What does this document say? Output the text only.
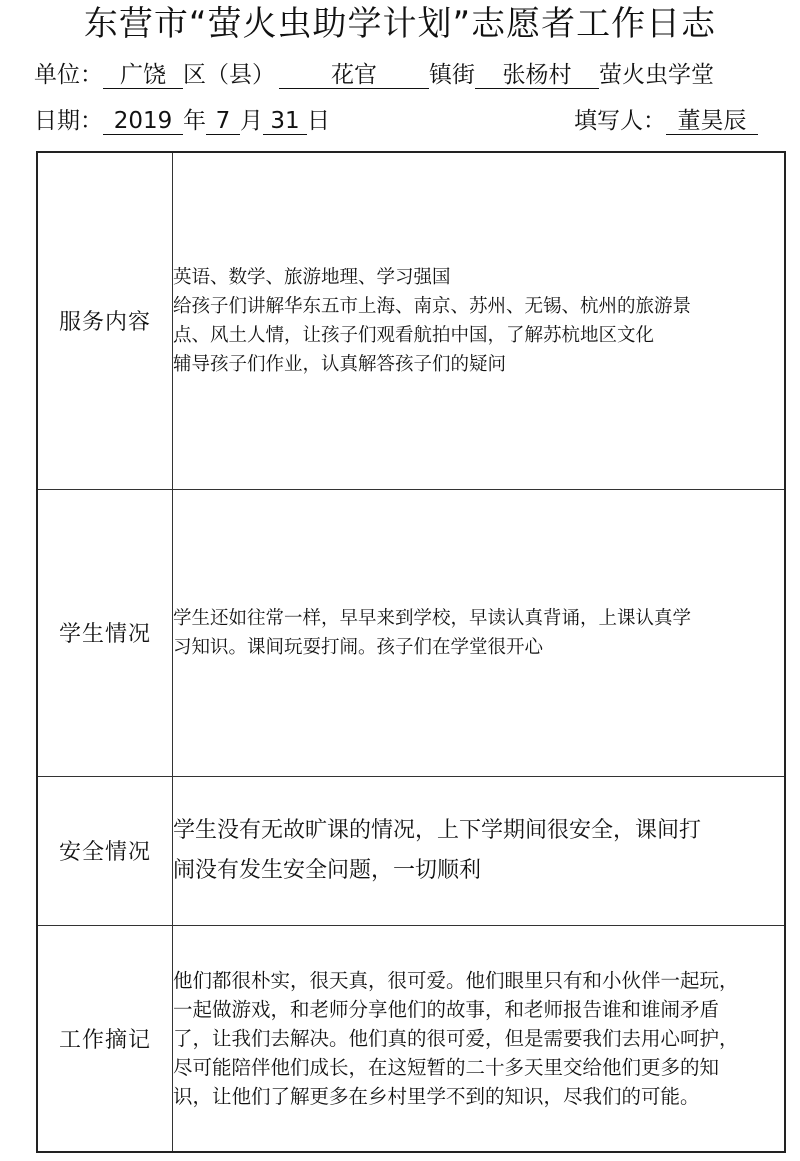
东营市“萤火虫助学计划”志愿者工作日志
单位： 广饶 区（县） 花官 镇街 张杨村 萤火虫学堂
日期： 2019 年 7 月 31 日	填写人： 董昊辰
服务内容	英语、数学、旅游地理、学习强国

给孩子们讲解华东五市上海、南京、苏州、无锡、杭州的旅游景

点、风土人情，让孩子们观看航拍中国，了解苏杭地区文化

辅导孩子们作业，认真解答孩子们的疑问

学生情况	学生还如往常一样，早早来到学校，早读认真背诵，上课认真学

习知识。课间玩耍打闹。孩子们在学堂很开心

安全情况	学生没有无故旷课的情况，上下学期间很安全，课间打

闹没有发生安全问题，一切顺利

工作摘记	他们都很朴实，很天真，很可爱。他们眼里只有和小伙伴一起玩，

一起做游戏，和老师分享他们的故事，和老师报告谁和谁闹矛盾

了，让我们去解决。他们真的很可爱，但是需要我们去用心呵护，

尽可能陪伴他们成长，在这短暂的二十多天里交给他们更多的知

识，让他们了解更多在乡村里学不到的知识，尽我们的可能。
